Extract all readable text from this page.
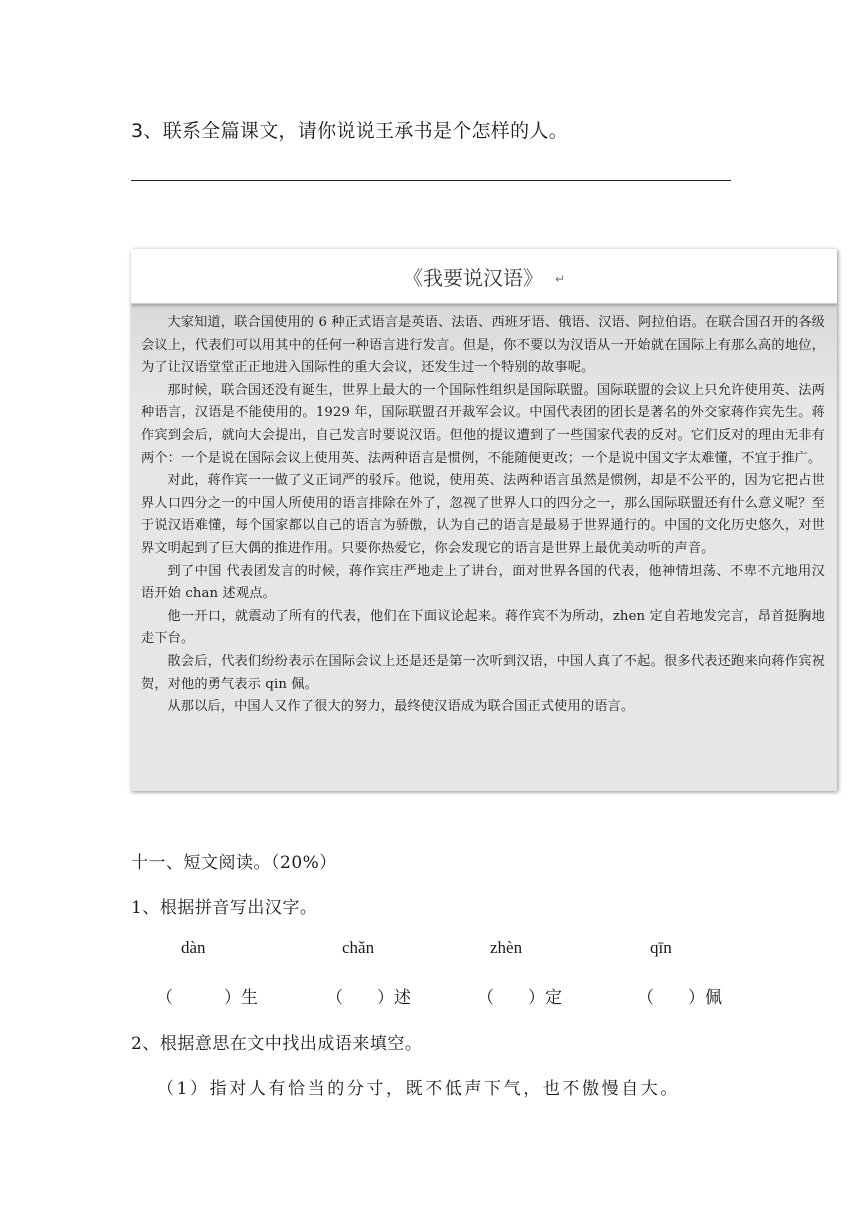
3、联系全篇课文，请你说说王承书是个怎样的人。
《我要说汉语》 ↵

大家知道，联合国使用的 6 种正式语言是英语、法语、西班牙语、俄语、汉语、阿拉伯语。在联合国召开的各级会议上，代表们可以用其中的任何一种语言进行发言。但是，你不要以为汉语从一开始就在国际上有那么高的地位，为了让汉语堂堂正正地进入国际性的重大会议，还发生过一个特别的故事呢。

那时候，联合国还没有诞生，世界上最大的一个国际性组织是国际联盟。国际联盟的会议上只允许使用英、法两种语言，汉语是不能使用的。1929 年，国际联盟召开裁军会议。中国代表团的团长是著名的外交家蒋作宾先生。蒋作宾到会后，就向大会提出，自己发言时要说汉语。但他的提议遭到了一些国家代表的反对。它们反对的理由无非有两个：一个是说在国际会议上使用英、法两种语言是惯例，不能随便更改；一个是说中国文字太难懂，不宜于推广。

对此，蒋作宾一一做了义正词严的驳斥。他说，使用英、法两种语言虽然是惯例，却是不公平的，因为它把占世界人口四分之一的中国人所使用的语言排除在外了，忽视了世界人口的四分之一，那么国际联盟还有什么意义呢？至于说汉语难懂，每个国家都以自己的语言为骄傲，认为自己的语言是最易于世界通行的。中国的文化历史悠久，对世界文明起到了巨大偶的推进作用。只要你热爱它，你会发现它的语言是世界上最优美动听的声音。

到了中国 代表团发言的时候，蒋作宾庄严地走上了讲台，面对世界各国的代表，他神情坦荡、不卑不亢地用汉语开始 chan 述观点。

他一开口，就震动了所有的代表，他们在下面议论起来。蒋作宾不为所动，zhen 定自若地发完言，昂首挺胸地走下台。

散会后，代表们纷纷表示在国际会议上还是还是第一次听到汉语，中国人真了不起。很多代表还跑来向蒋作宾祝贺，对他的勇气表示 qin 佩。

从那以后，中国人又作了很大的努力，最终使汉语成为联合国正式使用的语言。

十一、短文阅读。（20%）
1、根据拼音写出汉字。
dàn	chǎn	zhèn	qīn
（　　　）生	（　　）述	（　　）定	（　　）佩
2、根据意思在文中找出成语来填空。
（1）指对人有恰当的分寸，既不低声下气，也不傲慢自大。
